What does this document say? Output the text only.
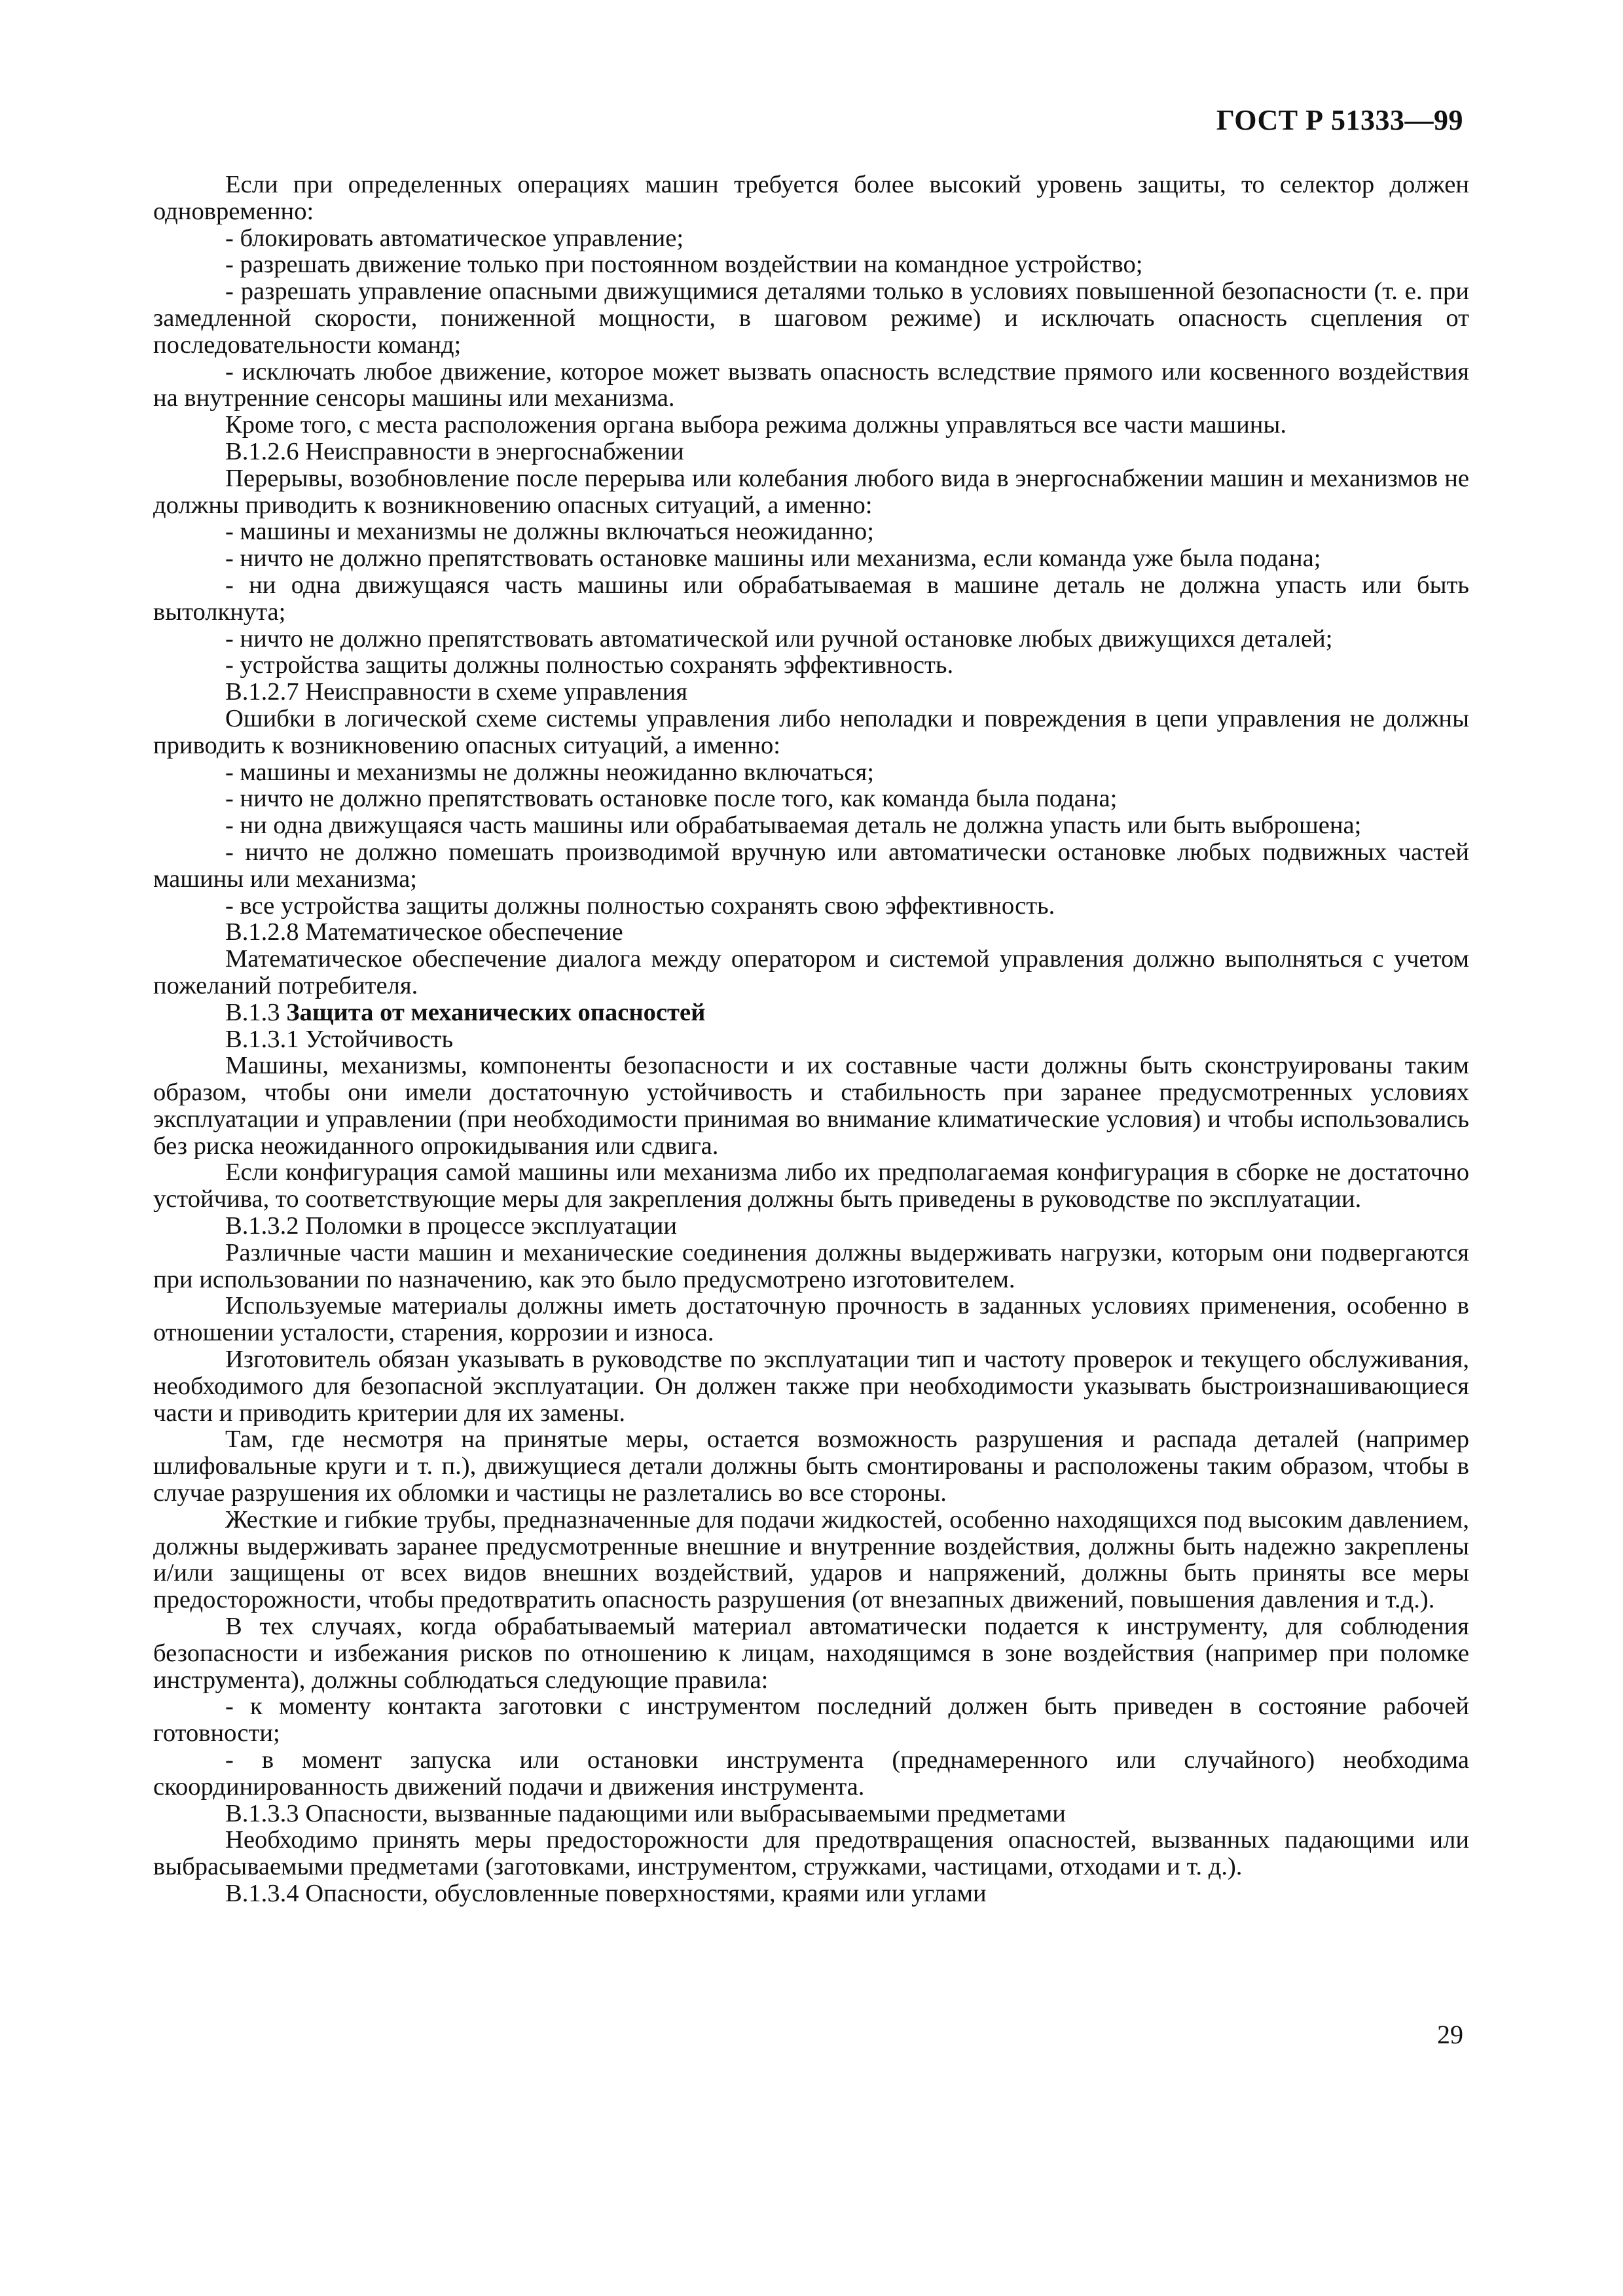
ГОСТ Р 51333—99

Если при определенных операциях машин требуется более высокий уровень защиты, то селектор должен одновременно:

- блокировать автоматическое управление;

- разрешать движение только при постоянном воздействии на командное устройство;

- разрешать управление опасными движущимися деталями только в условиях повышенной безопасности (т. е. при замедленной скорости, пониженной мощности, в шаговом режиме) и исключать опасность сцепления от последовательности команд;

- исключать любое движение, которое может вызвать опасность вследствие прямого или косвенного воздействия на внутренние сенсоры машины или механизма.

Кроме того, с места расположения органа выбора режима должны управляться все части машины.

В.1.2.6 Неисправности в энергоснабжении

Перерывы, возобновление после перерыва или колебания любого вида в энергоснабжении машин и механизмов не должны приводить к возникновению опасных ситуаций, а именно:

- машины и механизмы не должны включаться неожиданно;

- ничто не должно препятствовать остановке машины или механизма, если команда уже была подана;

- ни одна движущаяся часть машины или обрабатываемая в машине деталь не должна упасть или быть вытолкнута;

- ничто не должно препятствовать автоматической или ручной остановке любых движущихся деталей;

- устройства защиты должны полностью сохранять эффективность.

В.1.2.7 Неисправности в схеме управления

Ошибки в логической схеме системы управления либо неполадки и повреждения в цепи управления не должны приводить к возникновению опасных ситуаций, а именно:

- машины и механизмы не должны неожиданно включаться;

- ничто не должно препятствовать остановке после того, как команда была подана;

- ни одна движущаяся часть машины или обрабатываемая деталь не должна упасть или быть выброшена;

- ничто не должно помешать производимой вручную или автоматически остановке любых подвижных частей машины или механизма;

- все устройства защиты должны полностью сохранять свою эффективность.

В.1.2.8 Математическое обеспечение

Математическое обеспечение диалога между оператором и системой управления должно выполняться с учетом пожеланий потребителя.

В.1.3 Защита от механических опасностей

В.1.3.1 Устойчивость

Машины, механизмы, компоненты безопасности и их составные части должны быть сконструированы таким образом, чтобы они имели достаточную устойчивость и стабильность при заранее предусмотренных условиях эксплуатации и управлении (при необходимости принимая во внимание климатические условия) и чтобы использовались без риска неожиданного опрокидывания или сдвига.

Если конфигурация самой машины или механизма либо их предполагаемая конфигурация в сборке не достаточно устойчива, то соответствующие меры для закрепления должны быть приведены в руководстве по эксплуатации.

В.1.3.2 Поломки в процессе эксплуатации

Различные части машин и механические соединения должны выдерживать нагрузки, которым они подвергаются при использовании по назначению, как это было предусмотрено изготовителем.

Используемые материалы должны иметь достаточную прочность в заданных условиях применения, особенно в отношении усталости, старения, коррозии и износа.

Изготовитель обязан указывать в руководстве по эксплуатации тип и частоту проверок и текущего обслуживания, необходимого для безопасной эксплуатации. Он должен также при необходимости указывать быстроизнашивающиеся части и приводить критерии для их замены.

Там, где несмотря на принятые меры, остается возможность разрушения и распада деталей (например шлифовальные круги и т. п.), движущиеся детали должны быть смонтированы и расположены таким образом, чтобы в случае разрушения их обломки и частицы не разлетались во все стороны.

Жесткие и гибкие трубы, предназначенные для подачи жидкостей, особенно находящихся под высоким давлением, должны выдерживать заранее предусмотренные внешние и внутренние воздействия, должны быть надежно закреплены и/или защищены от всех видов внешних воздействий, ударов и напряжений, должны быть приняты все меры предосторожности, чтобы предотвратить опасность разрушения (от внезапных движений, повышения давления и т.д.).

В тех случаях, когда обрабатываемый материал автоматически подается к инструменту, для соблюдения безопасности и избежания рисков по отношению к лицам, находящимся в зоне воздействия (например при поломке инструмента), должны соблюдаться следующие правила:

- к моменту контакта заготовки с инструментом последний должен быть приведен в состояние рабочей готовности;

- в момент запуска или остановки инструмента (преднамеренного или случайного) необходима скоординированность движений подачи и движения инструмента.

В.1.3.3 Опасности, вызванные падающими или выбрасываемыми предметами

Необходимо принять меры предосторожности для предотвращения опасностей, вызванных падающими или выбрасываемыми предметами (заготовками, инструментом, стружками, частицами, отходами и т. д.).

В.1.3.4 Опасности, обусловленные поверхностями, краями или углами

29
